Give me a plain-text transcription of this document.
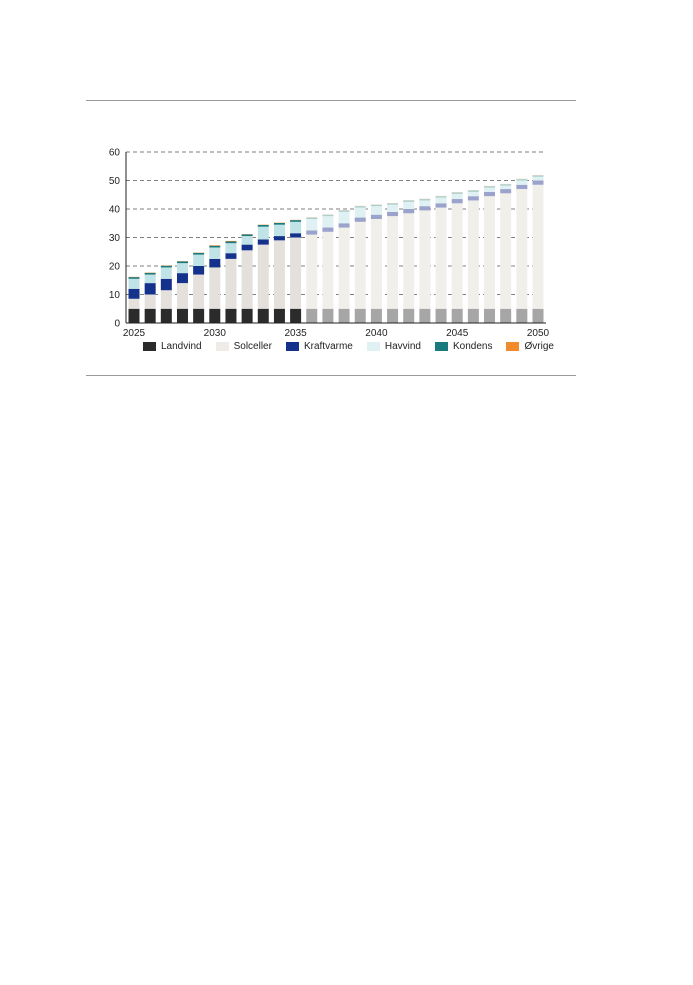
0
10
20
30
40
50
60
2025	2030	2035	2040	2045	2050
Landvind	Solceller	Kraftvarme	Havvind	Kondens	Øvrige
